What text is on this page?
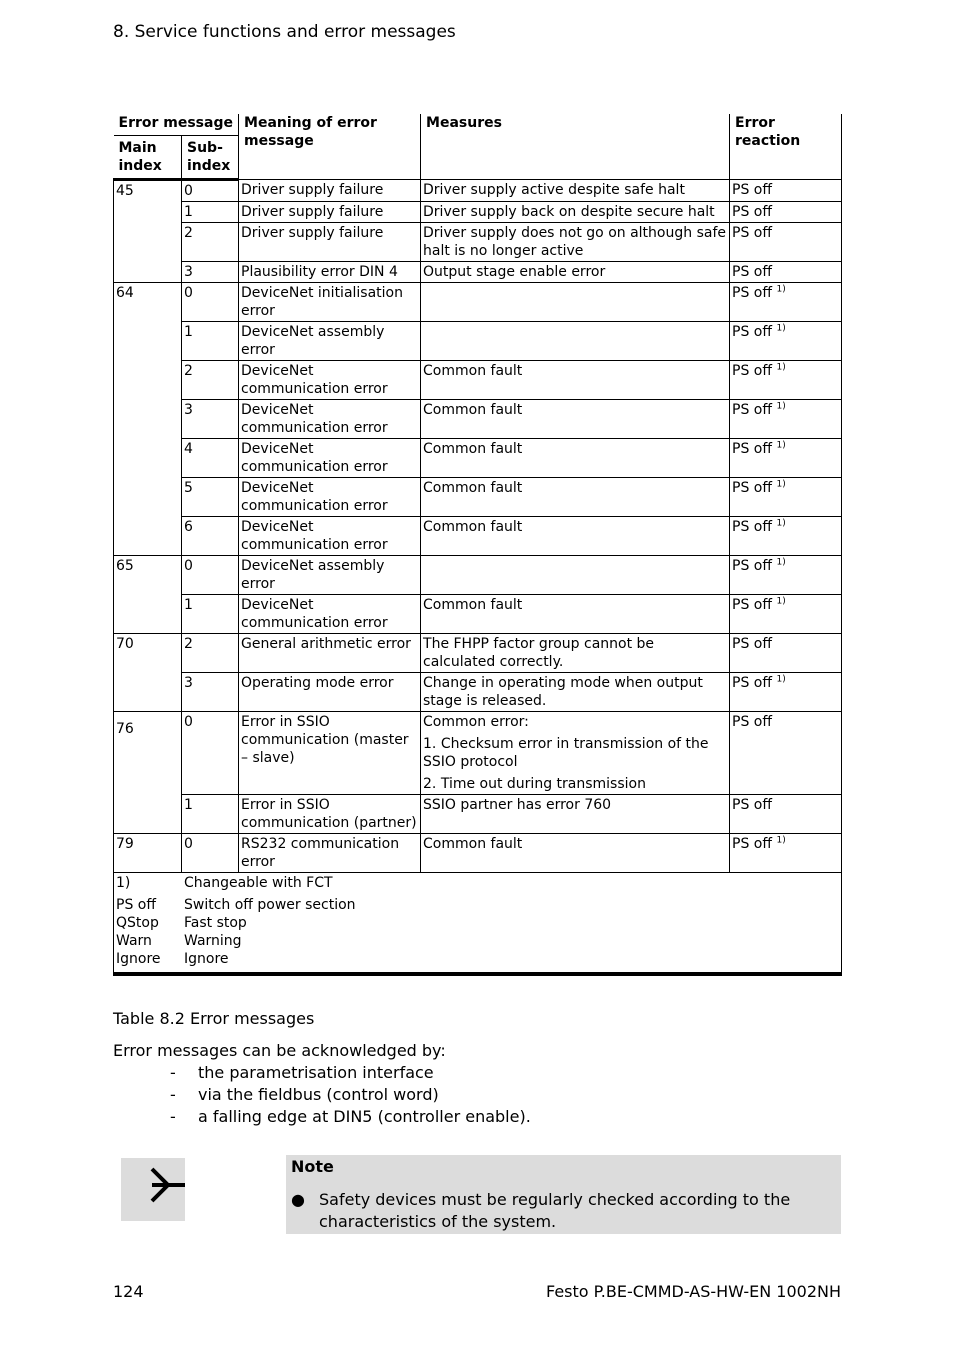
8. Service functions and error messages
Error message		Meaning of error message	Measures	Error reaction
Main index	Sub-index			
45	0	Driver supply failure	Driver supply active despite safe halt	PS off
	1	Driver supply failure	Driver supply back on despite secure halt	PS off
	2	Driver supply failure	Driver supply does not go on although safe halt is no longer active	PS off
	3	Plausibility error DIN 4	Output stage enable error	PS off
64	0	DeviceNet initialisation error		PS off $^{1)}$
	1	DeviceNet assembly error		PS off $^{1)}$
	2	DeviceNet communication error	Common fault	PS off $^{1)}$
	3	DeviceNet communication error	Common fault	PS off $^{1)}$
	4	DeviceNet communication error	Common fault	PS off $^{1)}$
	5	DeviceNet communication error	Common fault	PS off $^{1)}$
	6	DeviceNet communication error	Common fault	PS off $^{1)}$
65	0	DeviceNet assembly error		PS off $^{1)}$
	1	DeviceNet communication error	Common fault	PS off $^{1)}$
70	2	General arithmetic error	The FHPP factor group cannot be calculated correctly.	PS off
	3	Operating mode error	Change in operating mode when output stage is released.	PS off $^{1)}$
76	0	Error in SSIO communication (master – slave)	Common error:
1. Checksum error in transmission of the SSIO protocol
2. Time out during transmission	PS off
	1	Error in SSIO communication (partner)	SSIO partner has error 760	PS off
79	0	RS232 communication error	Common fault	PS off $^{1)}$

1) Changeable with FCT
PS off Switch off power section
QStop Fast stop
Warn Warning
Ignore Ignore				
Table 8.2 Error messages
Error messages can be acknowledged by:
- the parametrisation interface
- via the fieldbus (control word)
- a falling edge at DIN5 (controller enable).
Note
● Safety devices must be regularly checked according to the characteristics of the system.
124	Festo P.BE-CMMD-AS-HW-EN 1002NH
